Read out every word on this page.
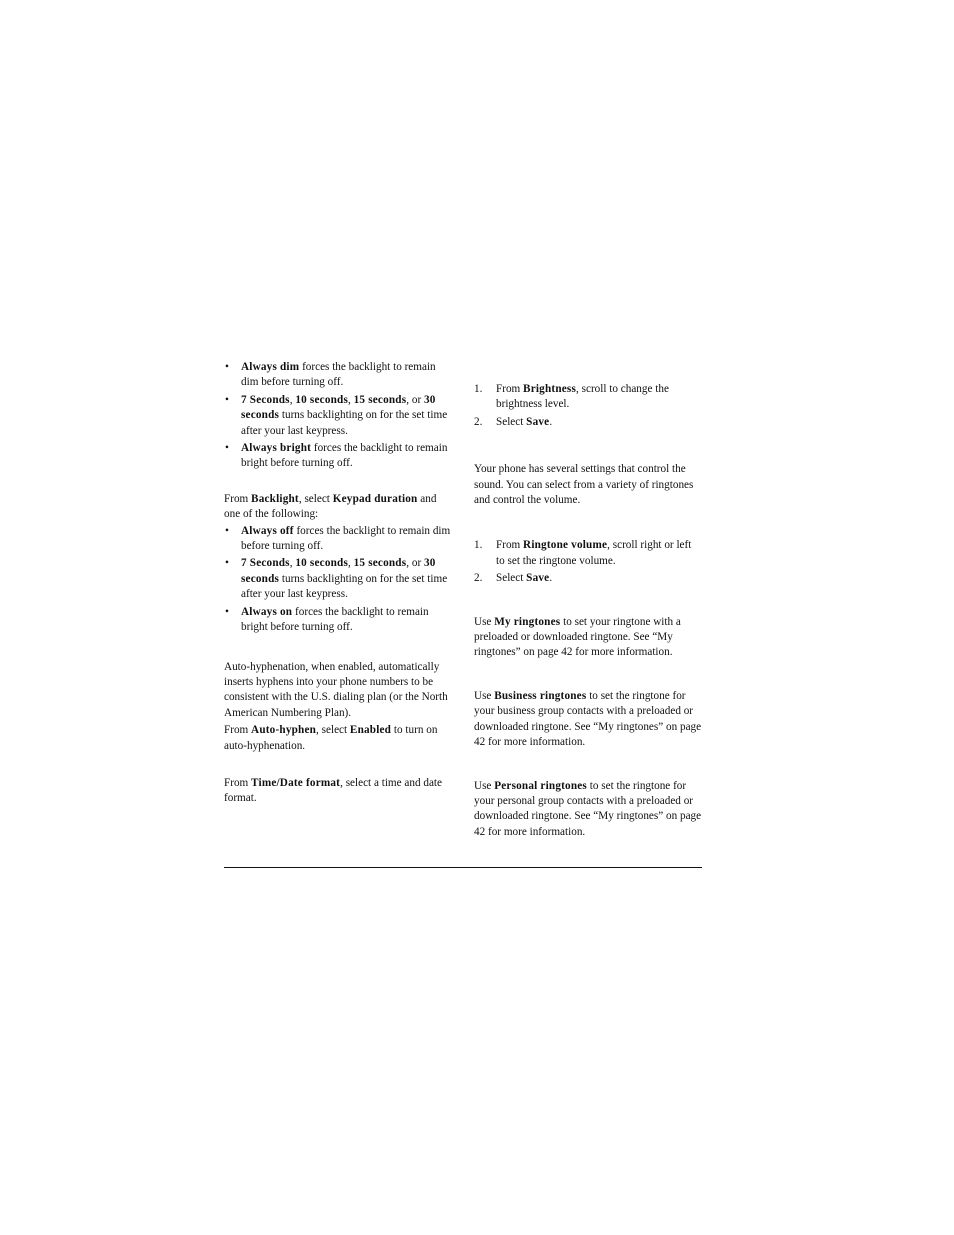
• Always dim forces the backlight to remain dim before turning off.
• 7 Seconds, 10 seconds, 15 seconds, or 30 seconds turns backlighting on for the set time after your last keypress.
• Always bright forces the backlight to remain bright before turning off.

From Backlight, select Keypad duration and one of the following:

• Always off forces the backlight to remain dim before turning off.
• 7 Seconds, 10 seconds, 15 seconds, or 30 seconds turns backlighting on for the set time after your last keypress.
• Always on forces the backlight to remain bright before turning off.

Auto-hyphenation, when enabled, automatically inserts hyphens into your phone numbers to be consistent with the U.S. dialing plan (or the North American Numbering Plan).

From Auto-hyphen, select Enabled to turn on auto-hyphenation.

From Time/Date format, select a time and date format.

1. From Brightness, scroll to change the brightness level.
2. Select Save.

Your phone has several settings that control the sound. You can select from a variety of ringtones and control the volume.

1. From Ringtone volume, scroll right or left to set the ringtone volume.
2. Select Save.

Use My ringtones to set your ringtone with a preloaded or downloaded ringtone. See “My ringtones” on page 42 for more information.

Use Business ringtones to set the ringtone for your business group contacts with a preloaded or downloaded ringtone. See “My ringtones” on page 42 for more information.

Use Personal ringtones to set the ringtone for your personal group contacts with a preloaded or downloaded ringtone. See “My ringtones” on page 42 for more information.
